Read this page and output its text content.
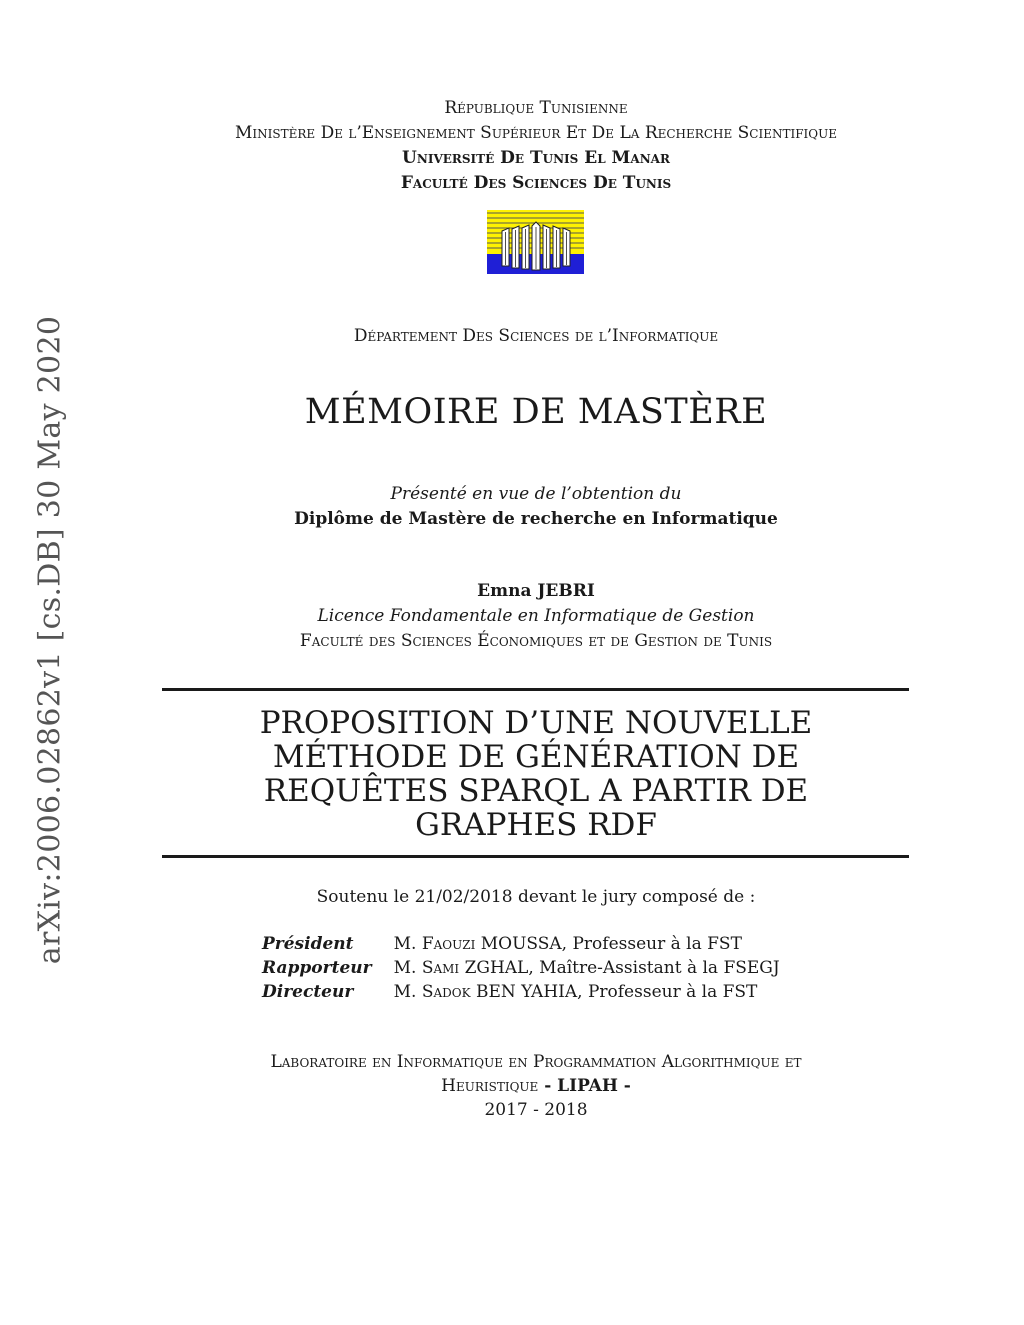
arXiv:2006.02862v1 [cs.DB] 30 May 2020
République Tunisienne
Ministère De l’Enseignement Supérieur Et De La Recherche Scientifique
Université De Tunis El Manar
Faculté Des Sciences De Tunis
Département Des Sciences de l’Informatique
MÉMOIRE DE MASTÈRE
Présenté en vue de l’obtention du
Diplôme de Mastère de recherche en Informatique
Emna JEBRI
Licence Fondamentale en Informatique de Gestion
Faculté des Sciences Économiques et de Gestion de Tunis
PROPOSITION D’UNE NOUVELLE
MÉTHODE DE GÉNÉRATION DE
REQUÊTES SPARQL A PARTIR DE
GRAPHES RDF
Soutenu le 21/02/2018 devant le jury composé de :
Président	M. Faouzi MOUSSA, Professeur à la FST
Rapporteur	M. Sami ZGHAL, Maître-Assistant à la FSEGJ
Directeur	M. Sadok BEN YAHIA, Professeur à la FST
Laboratoire en Informatique en Programmation Algorithmique et
Heuristique - LIPAH -
2017 - 2018
